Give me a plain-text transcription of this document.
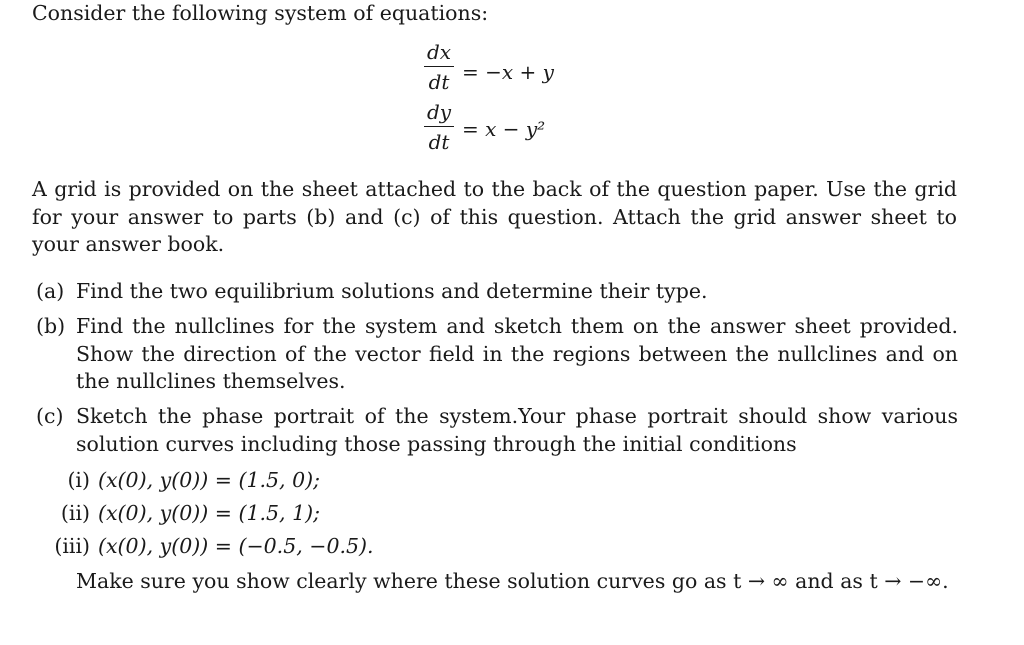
Consider the following system of equations:
dx
dt = −x + y
dy
dt
= x − y²
A grid is provided on the sheet attached to the back of the question paper. Use the grid for your answer to parts (b) and (c) of this question. Attach the grid answer sheet to your answer book.
(a) Find the two equilibrium solutions and determine their type.
(b) Find the nullclines for the system and sketch them on the answer sheet provided. Show the direction of the vector field in the regions between the nullclines and on the nullclines themselves.
(c) Sketch the phase portrait of the system.Your phase portrait should show various solution curves including those passing through the initial conditions
(i) (x(0), y(0)) = (1.5, 0);
(ii) (x(0), y(0)) = (1.5, 1);
(iii) (x(0), y(0)) = (−0.5, −0.5).
Make sure you show clearly where these solution curves go as t → ∞ and as t → −∞.
